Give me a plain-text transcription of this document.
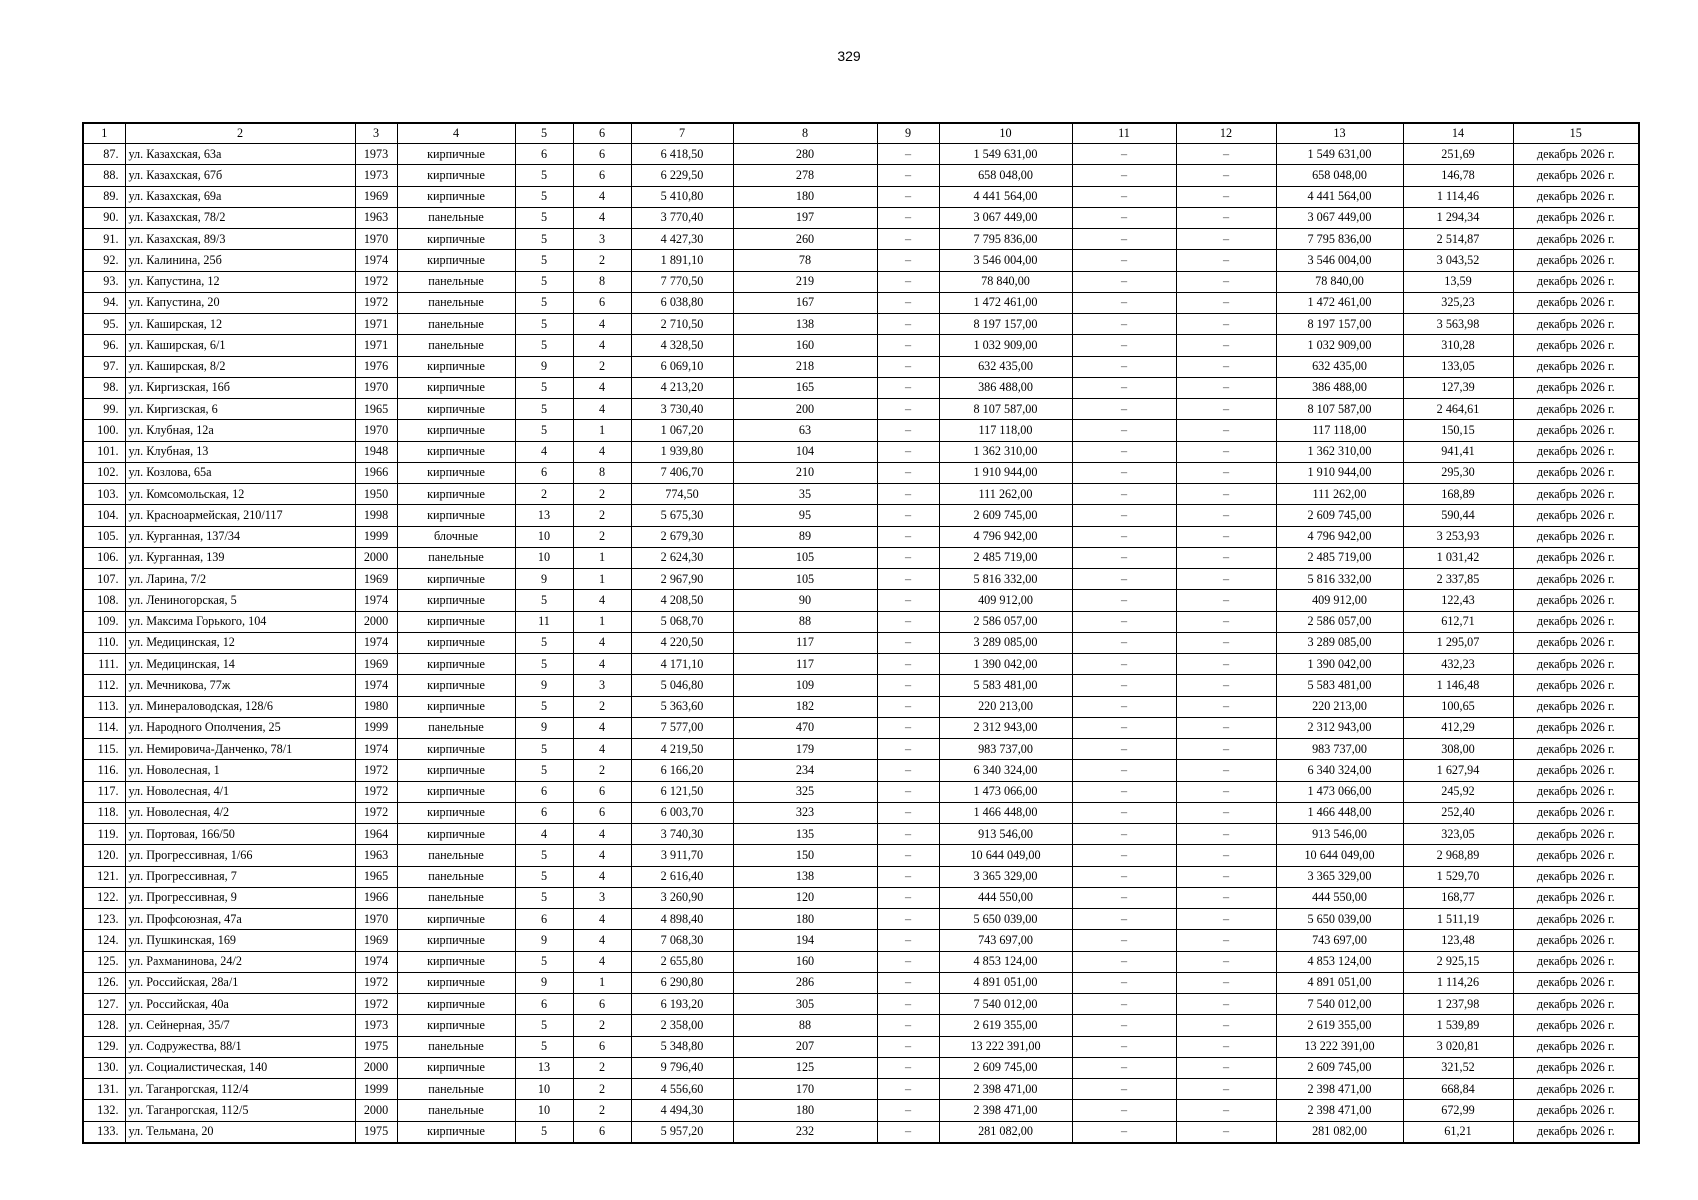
329
1	2	3	4	5	6	7	8	9	10	11	12	13	14	15
87.	ул. Казахская, 63а	1973	кирпичные	6	6	6 418,50	280	–	1 549 631,00	–	–	1 549 631,00	251,69	декабрь 2026 г.
88.	ул. Казахская, 67б	1973	кирпичные	5	6	6 229,50	278	–	658 048,00	–	–	658 048,00	146,78	декабрь 2026 г.
89.	ул. Казахская, 69а	1969	кирпичные	5	4	5 410,80	180	–	4 441 564,00	–	–	4 441 564,00	1 114,46	декабрь 2026 г.
90.	ул. Казахская, 78/2	1963	панельные	5	4	3 770,40	197	–	3 067 449,00	–	–	3 067 449,00	1 294,34	декабрь 2026 г.
91.	ул. Казахская, 89/3	1970	кирпичные	5	3	4 427,30	260	–	7 795 836,00	–	–	7 795 836,00	2 514,87	декабрь 2026 г.
92.	ул. Калинина, 25б	1974	кирпичные	5	2	1 891,10	78	–	3 546 004,00	–	–	3 546 004,00	3 043,52	декабрь 2026 г.
93.	ул. Капустина, 12	1972	панельные	5	8	7 770,50	219	–	78 840,00	–	–	78 840,00	13,59	декабрь 2026 г.
94.	ул. Капустина, 20	1972	панельные	5	6	6 038,80	167	–	1 472 461,00	–	–	1 472 461,00	325,23	декабрь 2026 г.
95.	ул. Каширская, 12	1971	панельные	5	4	2 710,50	138	–	8 197 157,00	–	–	8 197 157,00	3 563,98	декабрь 2026 г.
96.	ул. Каширская, 6/1	1971	панельные	5	4	4 328,50	160	–	1 032 909,00	–	–	1 032 909,00	310,28	декабрь 2026 г.
97.	ул. Каширская, 8/2	1976	кирпичные	9	2	6 069,10	218	–	632 435,00	–	–	632 435,00	133,05	декабрь 2026 г.
98.	ул. Киргизская, 16б	1970	кирпичные	5	4	4 213,20	165	–	386 488,00	–	–	386 488,00	127,39	декабрь 2026 г.
99.	ул. Киргизская, 6	1965	кирпичные	5	4	3 730,40	200	–	8 107 587,00	–	–	8 107 587,00	2 464,61	декабрь 2026 г.
100.	ул. Клубная, 12а	1970	кирпичные	5	1	1 067,20	63	–	117 118,00	–	–	117 118,00	150,15	декабрь 2026 г.
101.	ул. Клубная, 13	1948	кирпичные	4	4	1 939,80	104	–	1 362 310,00	–	–	1 362 310,00	941,41	декабрь 2026 г.
102.	ул. Козлова, 65а	1966	кирпичные	6	8	7 406,70	210	–	1 910 944,00	–	–	1 910 944,00	295,30	декабрь 2026 г.
103.	ул. Комсомольская, 12	1950	кирпичные	2	2	774,50	35	–	111 262,00	–	–	111 262,00	168,89	декабрь 2026 г.
104.	ул. Красноармейская, 210/117	1998	кирпичные	13	2	5 675,30	95	–	2 609 745,00	–	–	2 609 745,00	590,44	декабрь 2026 г.
105.	ул. Курганная, 137/34	1999	блочные	10	2	2 679,30	89	–	4 796 942,00	–	–	4 796 942,00	3 253,93	декабрь 2026 г.
106.	ул. Курганная, 139	2000	панельные	10	1	2 624,30	105	–	2 485 719,00	–	–	2 485 719,00	1 031,42	декабрь 2026 г.
107.	ул. Ларина, 7/2	1969	кирпичные	9	1	2 967,90	105	–	5 816 332,00	–	–	5 816 332,00	2 337,85	декабрь 2026 г.
108.	ул. Лениногорская, 5	1974	кирпичные	5	4	4 208,50	90	–	409 912,00	–	–	409 912,00	122,43	декабрь 2026 г.
109.	ул. Максима Горького, 104	2000	кирпичные	11	1	5 068,70	88	–	2 586 057,00	–	–	2 586 057,00	612,71	декабрь 2026 г.
110.	ул. Медицинская, 12	1974	кирпичные	5	4	4 220,50	117	–	3 289 085,00	–	–	3 289 085,00	1 295,07	декабрь 2026 г.
111.	ул. Медицинская, 14	1969	кирпичные	5	4	4 171,10	117	–	1 390 042,00	–	–	1 390 042,00	432,23	декабрь 2026 г.
112.	ул. Мечникова, 77ж	1974	кирпичные	9	3	5 046,80	109	–	5 583 481,00	–	–	5 583 481,00	1 146,48	декабрь 2026 г.
113.	ул. Минераловодская, 128/6	1980	кирпичные	5	2	5 363,60	182	–	220 213,00	–	–	220 213,00	100,65	декабрь 2026 г.
114.	ул. Народного Ополчения, 25	1999	панельные	9	4	7 577,00	470	–	2 312 943,00	–	–	2 312 943,00	412,29	декабрь 2026 г.
115.	ул. Немировича-Данченко, 78/1	1974	кирпичные	5	4	4 219,50	179	–	983 737,00	–	–	983 737,00	308,00	декабрь 2026 г.
116.	ул. Новолесная, 1	1972	кирпичные	5	2	6 166,20	234	–	6 340 324,00	–	–	6 340 324,00	1 627,94	декабрь 2026 г.
117.	ул. Новолесная, 4/1	1972	кирпичные	6	6	6 121,50	325	–	1 473 066,00	–	–	1 473 066,00	245,92	декабрь 2026 г.
118.	ул. Новолесная, 4/2	1972	кирпичные	6	6	6 003,70	323	–	1 466 448,00	–	–	1 466 448,00	252,40	декабрь 2026 г.
119.	ул. Портовая, 166/50	1964	кирпичные	4	4	3 740,30	135	–	913 546,00	–	–	913 546,00	323,05	декабрь 2026 г.
120.	ул. Прогрессивная, 1/66	1963	панельные	5	4	3 911,70	150	–	10 644 049,00	–	–	10 644 049,00	2 968,89	декабрь 2026 г.
121.	ул. Прогрессивная, 7	1965	панельные	5	4	2 616,40	138	–	3 365 329,00	–	–	3 365 329,00	1 529,70	декабрь 2026 г.
122.	ул. Прогрессивная, 9	1966	панельные	5	3	3 260,90	120	–	444 550,00	–	–	444 550,00	168,77	декабрь 2026 г.
123.	ул. Профсоюзная, 47а	1970	кирпичные	6	4	4 898,40	180	–	5 650 039,00	–	–	5 650 039,00	1 511,19	декабрь 2026 г.
124.	ул. Пушкинская, 169	1969	кирпичные	9	4	7 068,30	194	–	743 697,00	–	–	743 697,00	123,48	декабрь 2026 г.
125.	ул. Рахманинова, 24/2	1974	кирпичные	5	4	2 655,80	160	–	4 853 124,00	–	–	4 853 124,00	2 925,15	декабрь 2026 г.
126.	ул. Российская, 28а/1	1972	кирпичные	9	1	6 290,80	286	–	4 891 051,00	–	–	4 891 051,00	1 114,26	декабрь 2026 г.
127.	ул. Российская, 40а	1972	кирпичные	6	6	6 193,20	305	–	7 540 012,00	–	–	7 540 012,00	1 237,98	декабрь 2026 г.
128.	ул. Сейнерная, 35/7	1973	кирпичные	5	2	2 358,00	88	–	2 619 355,00	–	–	2 619 355,00	1 539,89	декабрь 2026 г.
129.	ул. Содружества, 88/1	1975	панельные	5	6	5 348,80	207	–	13 222 391,00	–	–	13 222 391,00	3 020,81	декабрь 2026 г.
130.	ул. Социалистическая, 140	2000	кирпичные	13	2	9 796,40	125	–	2 609 745,00	–	–	2 609 745,00	321,52	декабрь 2026 г.
131.	ул. Таганрогская, 112/4	1999	панельные	10	2	4 556,60	170	–	2 398 471,00	–	–	2 398 471,00	668,84	декабрь 2026 г.
132.	ул. Таганрогская, 112/5	2000	панельные	10	2	4 494,30	180	–	2 398 471,00	–	–	2 398 471,00	672,99	декабрь 2026 г.
133.	ул. Тельмана, 20	1975	кирпичные	5	6	5 957,20	232	–	281 082,00	–	–	281 082,00	61,21	декабрь 2026 г.
